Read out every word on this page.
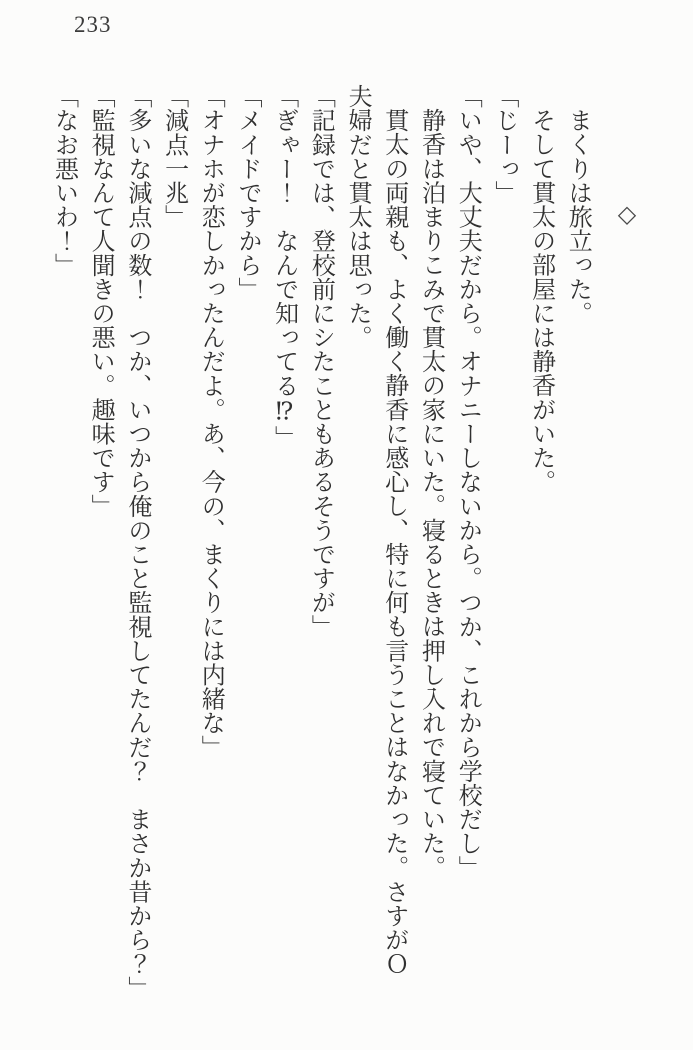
233
◇
まくりは旅立った。
そして貫太の部屋には静香がいた。
「じーっ」
「いや、大丈夫だから。オナニーしないから。つか、これから学校だし」
静香は泊まりこみで貫太の家にいた。寝るときは押し入れで寝ていた。
貫太の両親も、よく働く静香に感心し、特に何も言うことはなかった。さすがＯ
夫婦だと貫太は思った。
「記録では、登校前にシたこともあるそうですが」
「ぎゃー！　なんで知ってる⁉」
「メイドですから」
「オナホが恋しかったんだよ。あ、今の、まくりには内緒な」
「減点一兆」
「多いな減点の数！　つか、いつから俺のこと監視してたんだ？　まさか昔から？」
「監視なんて人聞きの悪い。趣味です」
「なお悪いわ！」
